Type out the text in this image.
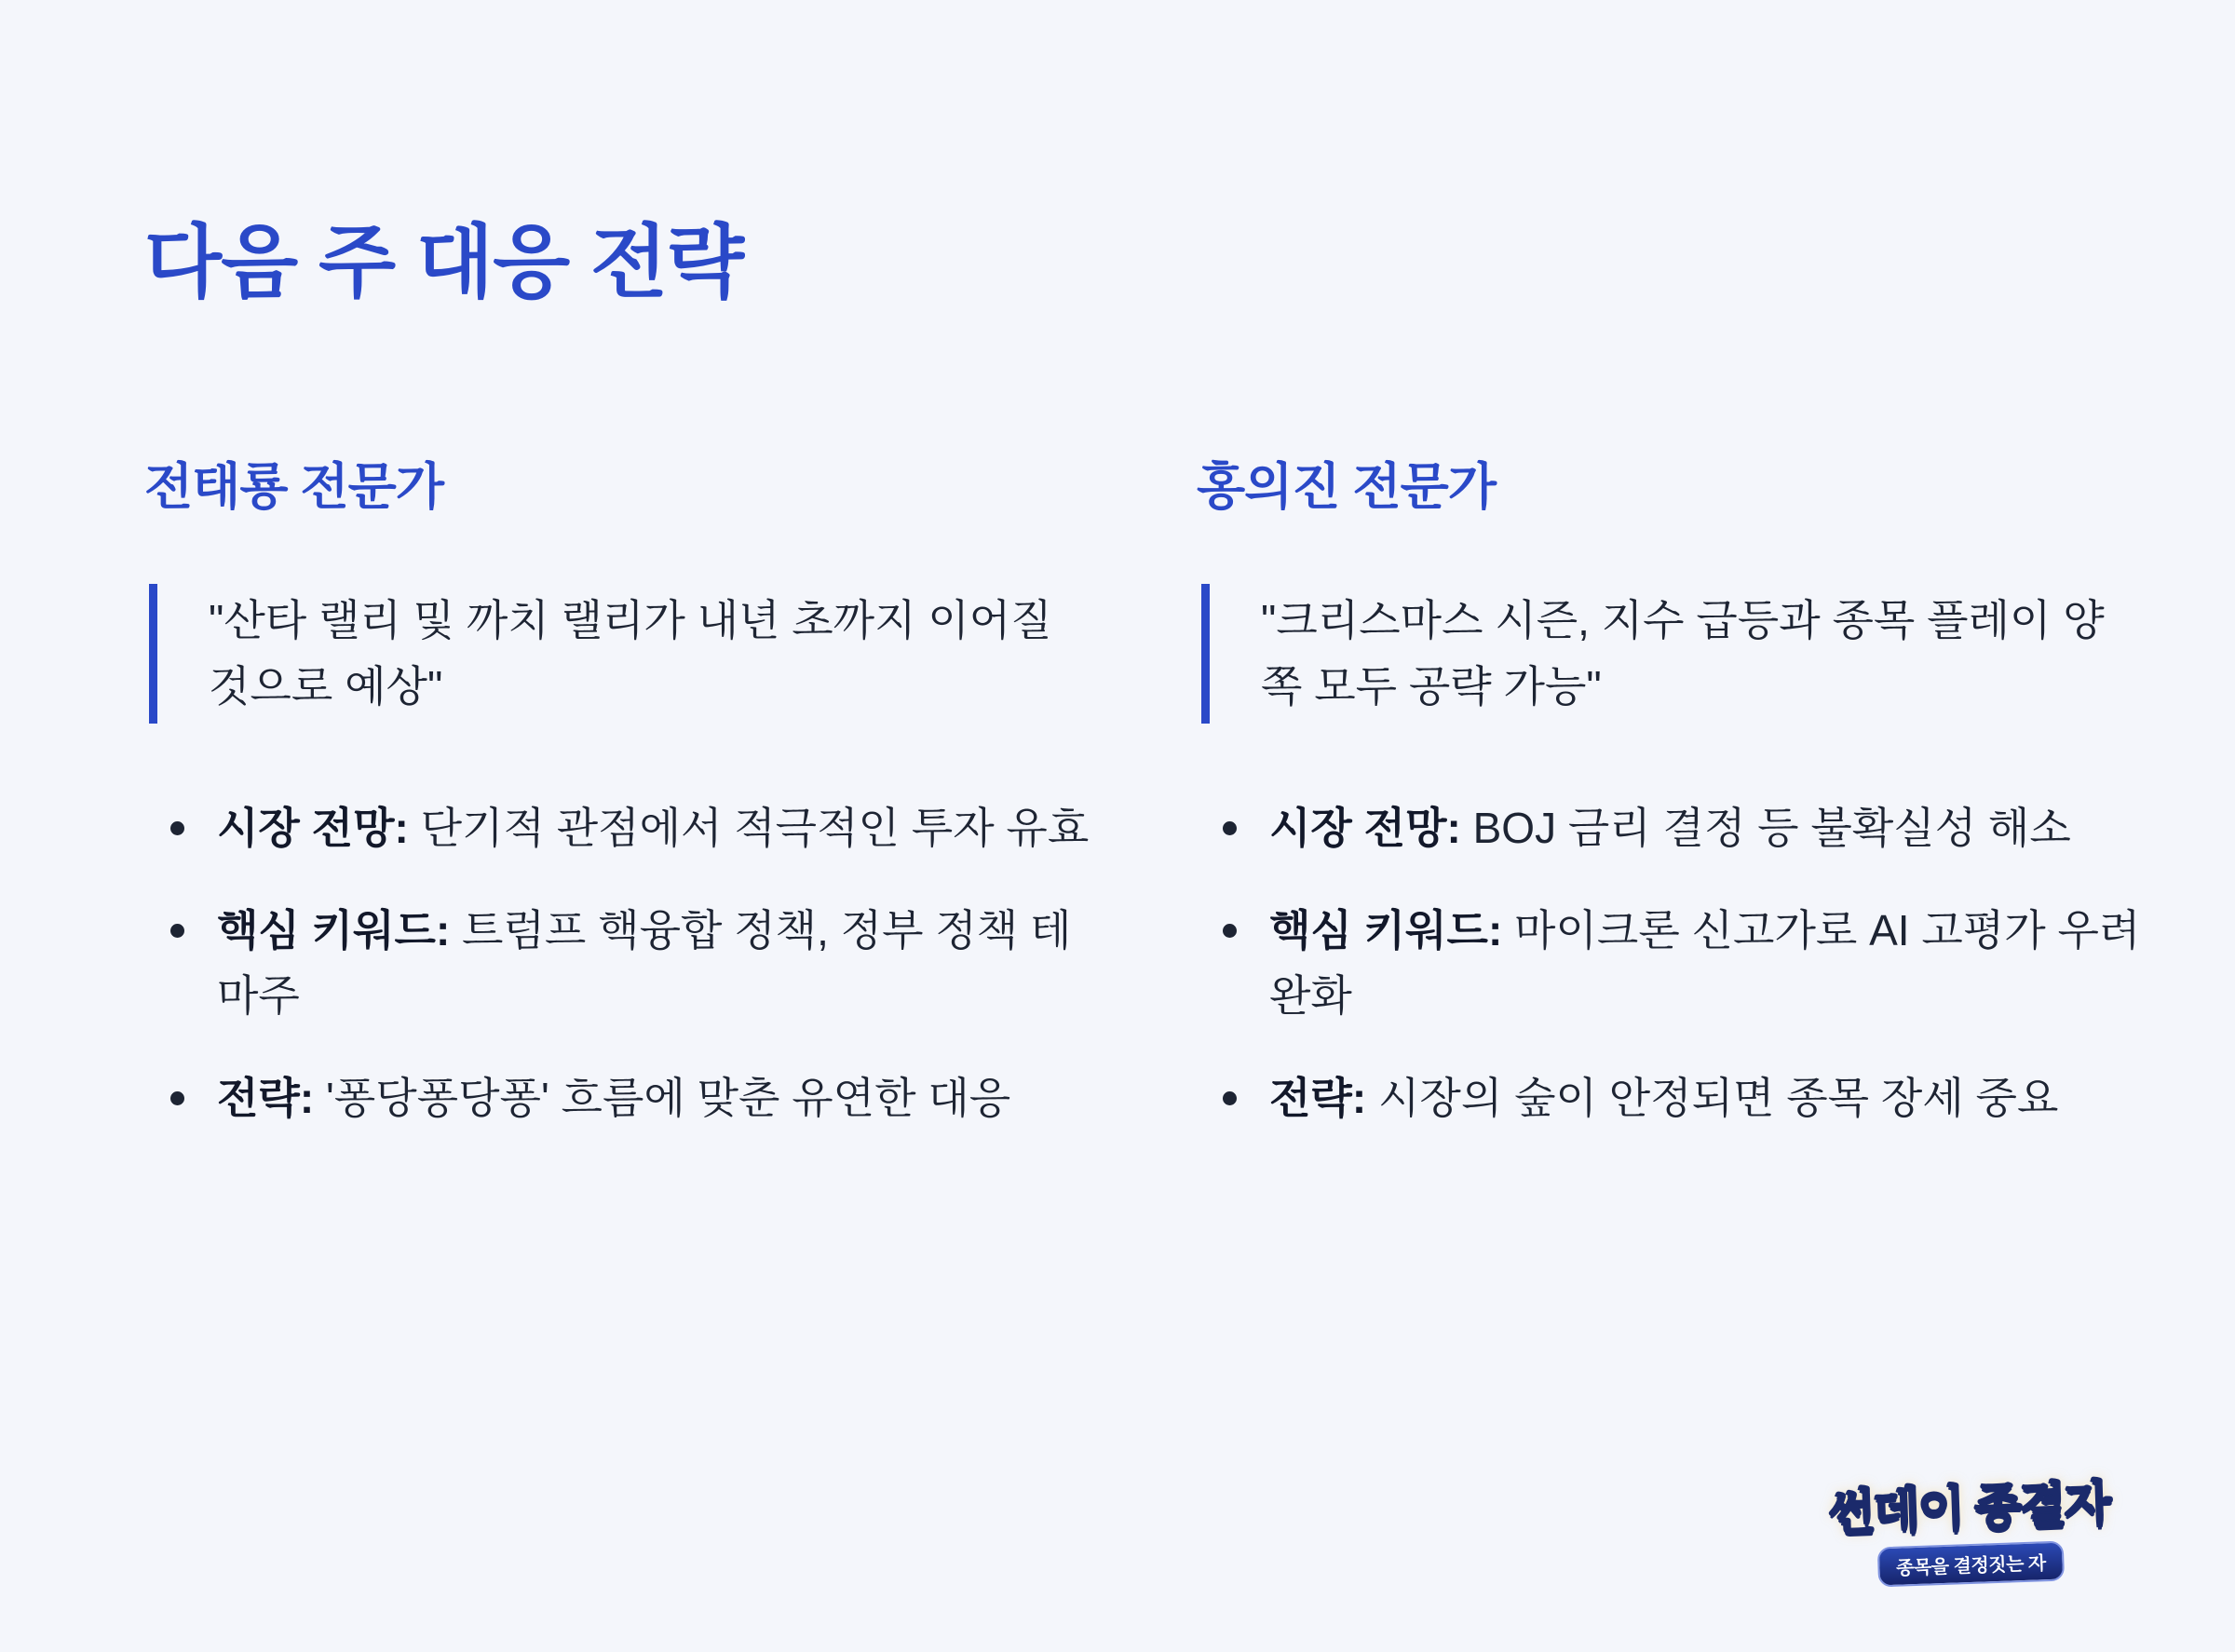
다음 주 대응 전략
전태룡 전문가
"산타 랠리 및 까치 랠리가 내년 초까지 이어질 것으로 예상"
시장 전망: 단기적 관점에서 적극적인 투자 유효
핵심 키워드: 트럼프 핵융합 정책, 정부 정책 테마주
전략: '퐁당퐁당퐁' 흐름에 맞춘 유연한 대응
홍의진 전문가
"크리스마스 시즌, 지수 급등과 종목 플레이 양쪽 모두 공략 가능"
시장 전망: BOJ 금리 결정 등 불확실성 해소
핵심 키워드: 마이크론 신고가로 AI 고평가 우려 완화
전략: 시장의 숲이 안정되면 종목 장세 중요
썬데이 종결자
종목을 결정짓는 자
